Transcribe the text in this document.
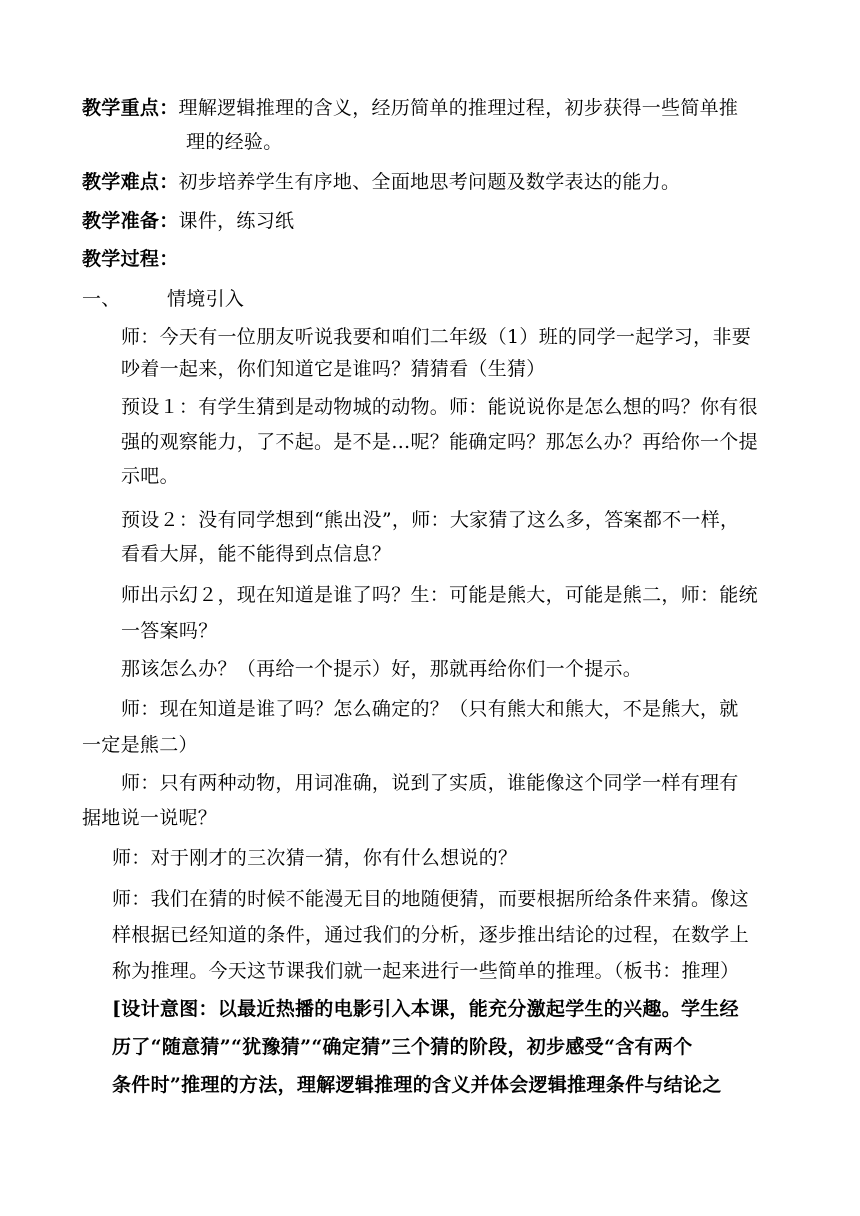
教学重点：理解逻辑推理的含义，经历简单的推理过程，初步获得一些简单推
理的经验。
教学难点：初步培养学生有序地、全面地思考问题及数学表达的能力。
教学准备：课件，练习纸
教学过程：
一、 情境引入
师：今天有一位朋友听说我要和咱们二年级（1）班的同学一起学习，非要
吵着一起来，你们知道它是谁吗？猜猜看（生猜）
预设１：有学生猜到是动物城的动物。师：能说说你是怎么想的吗？你有很
强的观察能力，了不起。是不是…呢？能确定吗？那怎么办？再给你一个提
示吧。
预设２：没有同学想到“熊出没”，师：大家猜了这么多，答案都不一样，
看看大屏，能不能得到点信息？
师出示幻２，现在知道是谁了吗？生：可能是熊大，可能是熊二，师：能统
一答案吗？
那该怎么办？（再给一个提示）好，那就再给你们一个提示。
师：现在知道是谁了吗？怎么确定的？（只有熊大和熊大，不是熊大，就
一定是熊二）
师：只有两种动物，用词准确，说到了实质，谁能像这个同学一样有理有
据地说一说呢？
师：对于刚才的三次猜一猜，你有什么想说的？
师：我们在猜的时候不能漫无目的地随便猜，而要根据所给条件来猜。像这
样根据已经知道的条件，通过我们的分析，逐步推出结论的过程，在数学上
称为推理。今天这节课我们就一起来进行一些简单的推理。（板书：推理）
[设计意图：以最近热播的电影引入本课，能充分激起学生的兴趣。学生经
历了“随意猜”“犹豫猜”“确定猜”三个猜的阶段，初步感受“含有两个
条件时”推理的方法，理解逻辑推理的含义并体会逻辑推理条件与结论之
